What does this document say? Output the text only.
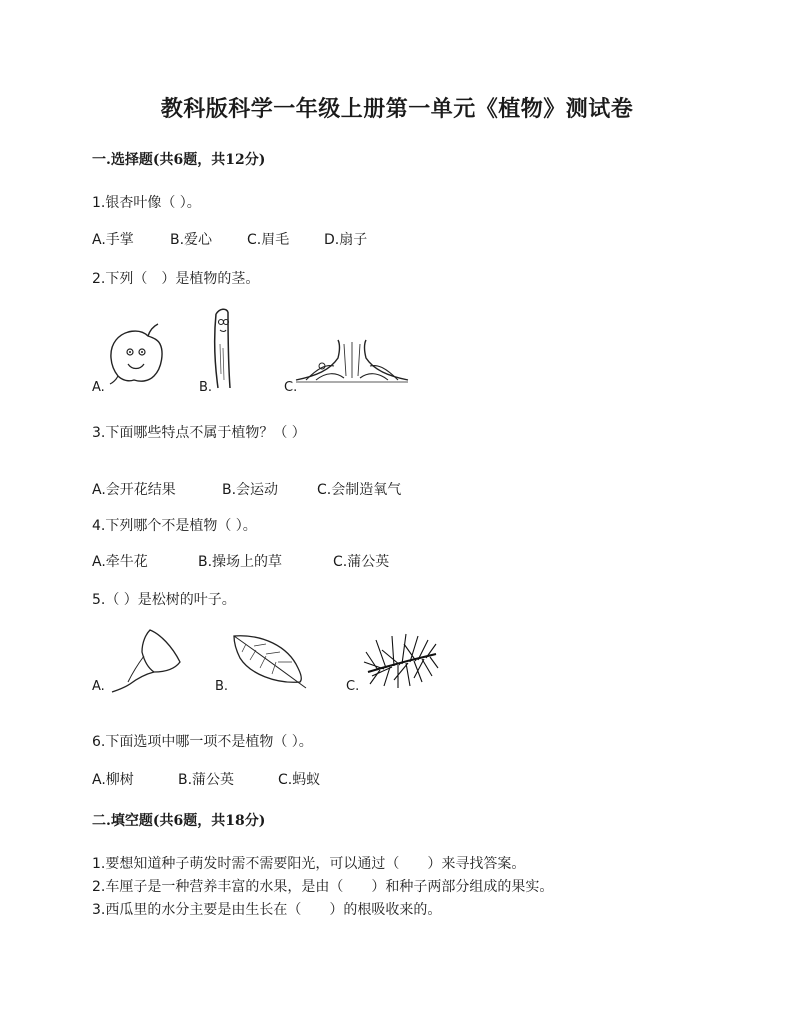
教科版科学一年级上册第一单元《植物》测试卷
一.选择题(共6题，共12分)
1.银杏叶像（ ）。
A.手掌	B.爱心 C.眉毛 D.扇子
2.下列（　）是植物的茎。
A.	B.	C.
3.下面哪些特点不属于植物？（ ）
A.会开花结果	B.会运动	C.会制造氧气
4.下列哪个不是植物（ ）。
A.牵牛花	B.操场上的草	C.蒲公英
5.（ ）是松树的叶子。
A.	B.	C.
6.下面选项中哪一项不是植物（ ）。
A.柳树	B.蒲公英	C.蚂蚁
二.填空题(共6题，共18分)
1.要想知道种子萌发时需不需要阳光，可以通过（　　）来寻找答案。
2.车厘子是一种营养丰富的水果，是由（　　）和种子两部分组成的果实。
3.西瓜里的水分主要是由生长在（　　）的根吸收来的。
